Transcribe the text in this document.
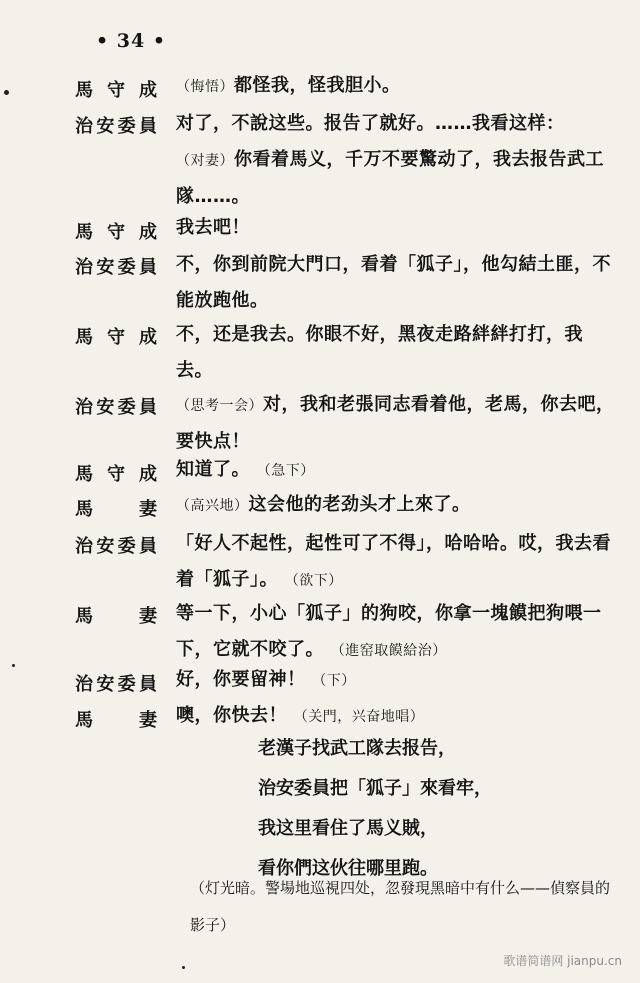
• 34 •
馬 守 成 （悔悟）都怪我，怪我胆小。
治 安 委 員 对了，不說这些。报告了就好。……我看这样：
（对妻）你看着馬义，千万不要驚动了，我去报告武工隊……。
馬 守 成 我去吧！
治 安 委 員 不，你到前院大門口，看着「狐子」，他勾結土匪，不能放跑他。
馬 守 成 不，还是我去。你眼不好，黑夜走路絆絆打打，我去。
治 安 委 員 （思考一会）对，我和老張同志看着他，老馬，你去吧，要快点！
馬 守 成 知道了。 （急下）
馬	妻 （高兴地）这会他的老劲头才上來了。
治 安 委 員 「好人不起性，起性可了不得」，哈哈哈。哎，我去看着「狐子」。 （欲下）
馬	妻 等一下，小心「狐子」的狗咬，你拿一塊饃把狗喂一下，它就不咬了。 （進窑取饃給治）
治 安 委 員 好，你要留神！ （下）
馬	妻 噢，你快去！ （关門，兴奋地唱）
老漢子找武工隊去报告，
治安委員把「狐子」來看牢，
我这里看住了馬义賊，
看你們这伙往哪里跑。
（灯光暗。警場地巡視四处，忽發現黑暗中有什么——偵察員的影子）
歌谱简谱网 jianpu.cn
